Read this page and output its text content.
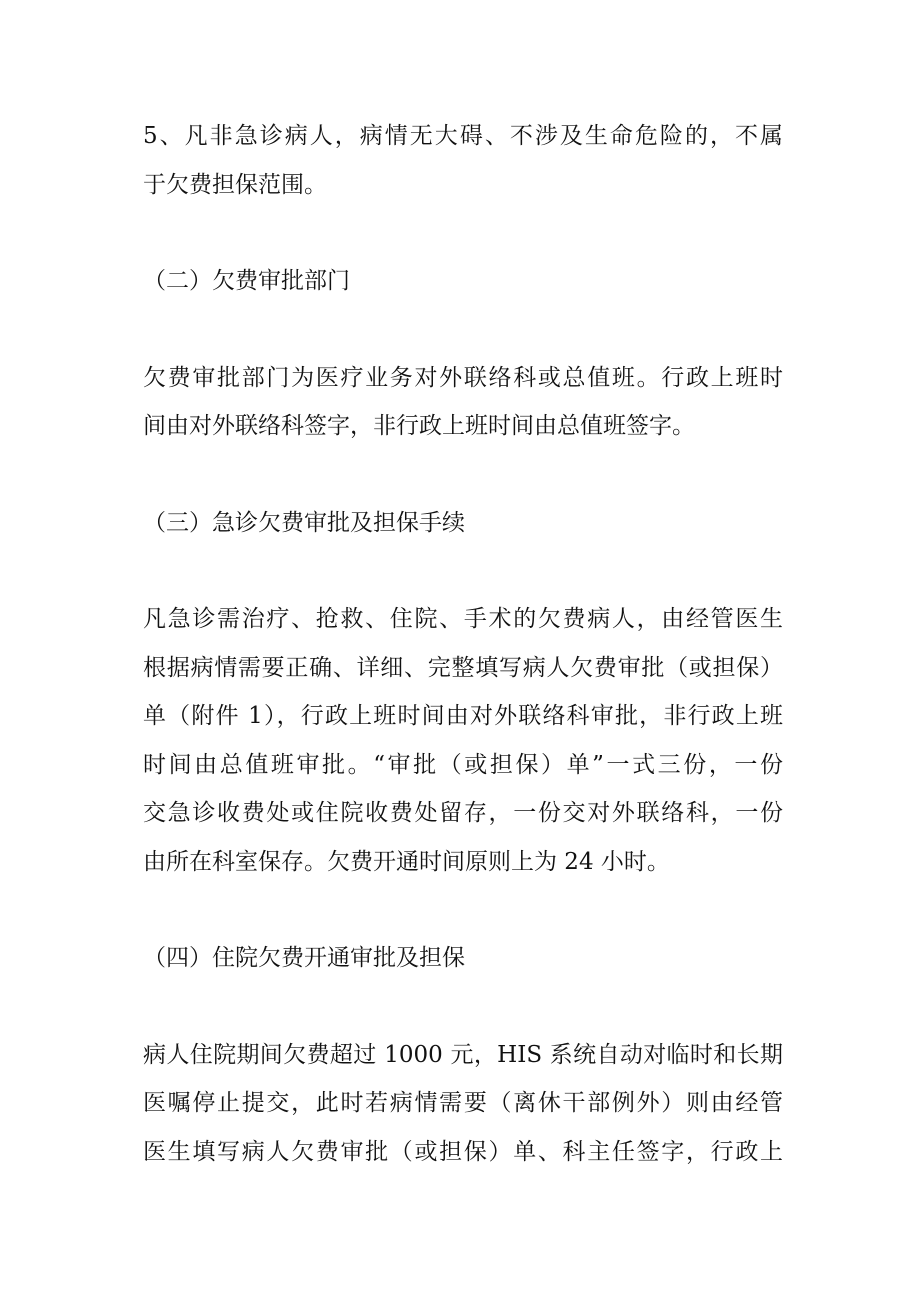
5、凡非急诊病人，病情无大碍、不涉及生命危险的，不属
于欠费担保范围。
（二）欠费审批部门
欠费审批部门为医疗业务对外联络科或总值班。行政上班时
间由对外联络科签字，非行政上班时间由总值班签字。
（三）急诊欠费审批及担保手续
凡急诊需治疗、抢救、住院、手术的欠费病人，由经管医生
根据病情需要正确、详细、完整填写病人欠费审批（或担保）
单（附件 1），行政上班时间由对外联络科审批，非行政上班
时间由总值班审批。“审批（或担保）单”一式三份，一份
交急诊收费处或住院收费处留存，一份交对外联络科，一份
由所在科室保存。欠费开通时间原则上为 24 小时。
（四）住院欠费开通审批及担保
病人住院期间欠费超过 1000 元，HIS 系统自动对临时和长期
医嘱停止提交，此时若病情需要（离休干部例外）则由经管
医生填写病人欠费审批（或担保）单、科主任签字，行政上
